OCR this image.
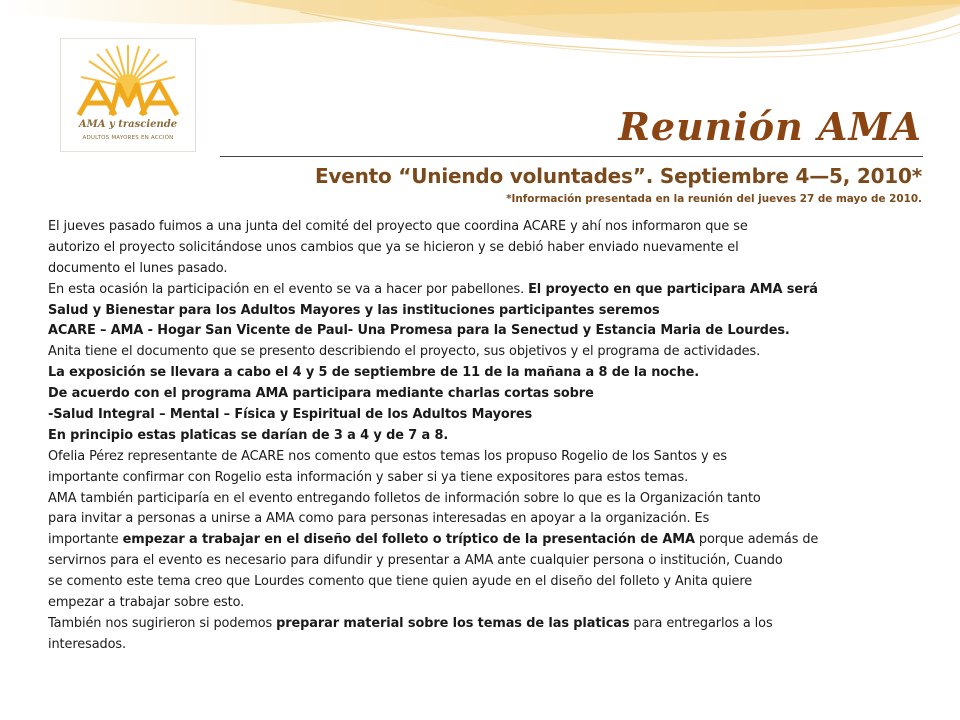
AMA y trasciende
ADULTOS MAYORES EN ACCIÓN	Reunión AMA
Evento “Uniendo voluntades”. Septiembre 4—5, 2010*
*Información presentada en la reunión del jueves 27 de mayo de 2010.
El jueves pasado fuimos a una junta del comité del proyecto que coordina ACARE y ahí nos informaron que se
autorizo el proyecto solicitándose unos cambios que ya se hicieron y se debió haber enviado nuevamente el
documento el lunes pasado.
En esta ocasión la participación en el evento se va a hacer por pabellones. El proyecto en que participara AMA será
Salud y Bienestar para los Adultos Mayores y las instituciones participantes seremos
ACARE – AMA - Hogar San Vicente de Paul- Una Promesa para la Senectud y Estancia Maria de Lourdes.
Anita tiene el documento que se presento describiendo el proyecto, sus objetivos y el programa de actividades.
La exposición se llevara a cabo el 4 y 5 de septiembre de 11 de la mañana a 8 de la noche.
De acuerdo con el programa AMA participara mediante charlas cortas sobre
-Salud Integral – Mental – Física y Espiritual de los Adultos Mayores
En principio estas platicas se darían de 3 a 4 y de 7 a 8.
Ofelia Pérez representante de ACARE nos comento que estos temas los propuso Rogelio de los Santos y es
importante confirmar con Rogelio esta información y saber si ya tiene expositores para estos temas.
AMA también participaría en el evento entregando folletos de información sobre lo que es la Organización tanto
para invitar a personas a unirse a AMA como para personas interesadas en apoyar a la organización. Es
importante empezar a trabajar en el diseño del folleto o tríptico de la presentación de AMA porque además de
servirnos para el evento es necesario para difundir y presentar a AMA ante cualquier persona o institución, Cuando
se comento este tema creo que Lourdes comento que tiene quien ayude en el diseño del folleto y Anita quiere
empezar a trabajar sobre esto.
También nos sugirieron si podemos preparar material sobre los temas de las platicas para entregarlos a los
interesados.
